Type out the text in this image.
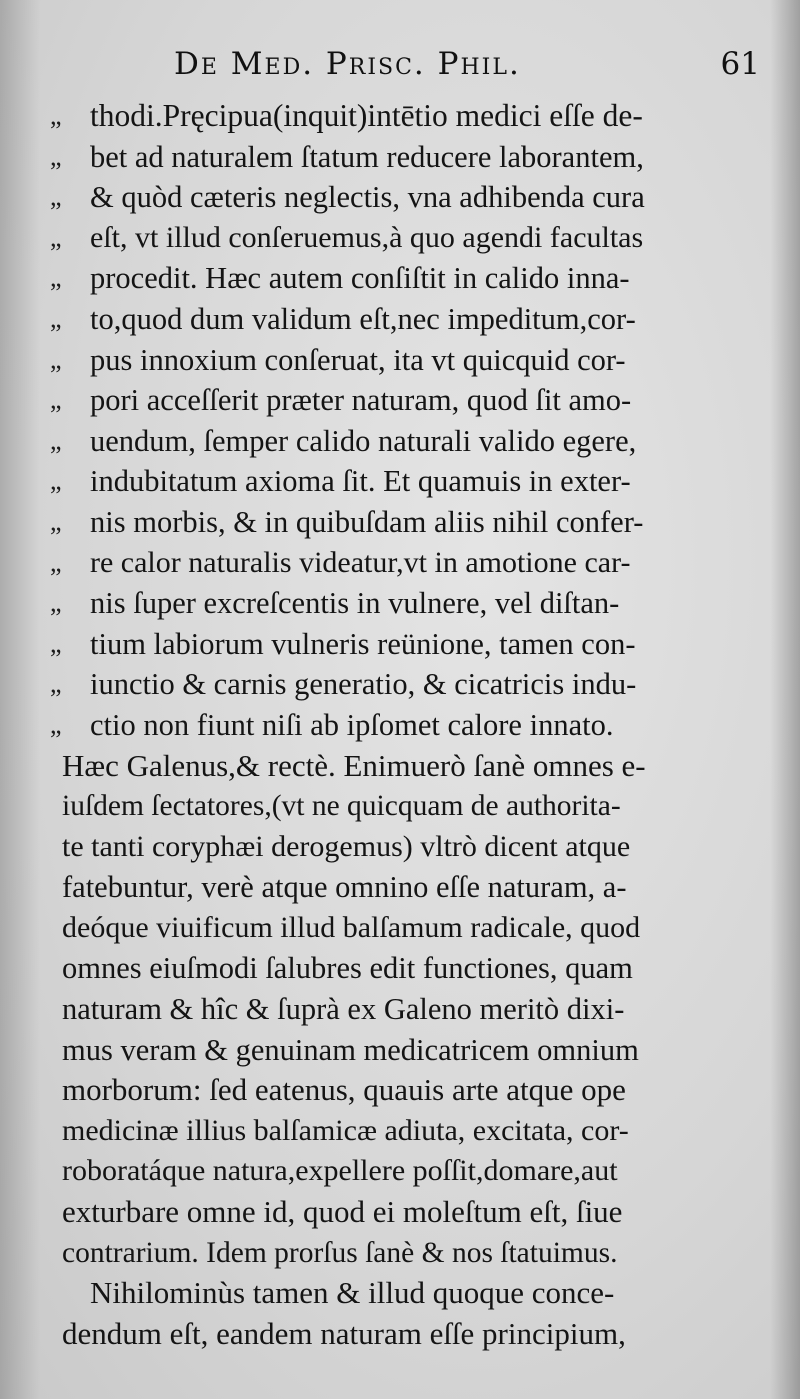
De Med. Prisc. Phil.	61
„ thodi.Pręcipua(inquit)intētio medici eſſe de-
„ bet ad naturalem ſtatum reducere laborantem,
„ & quòd cæteris neglectis, vna adhibenda cura
„ eſt, vt illud conſeruemus,à quo agendi facultas
„ procedit. Hæc autem conſiſtit in calido inna-
„ to,quod dum validum eſt,nec impeditum,cor-
„ pus innoxium conſeruat, ita vt quicquid cor-
„ pori acceſſerit præter naturam, quod ſit amo-
„ uendum, ſemper calido naturali valido egere,
„ indubitatum axioma ſit. Et quamuis in exter-
„ nis morbis, & in quibuſdam aliis nihil confer-
„ re calor naturalis videatur,vt in amotione car-
„ nis ſuper excreſcentis in vulnere, vel diſtan-
„ tium labiorum vulneris reünione, tamen con-
„ iunctio & carnis generatio, & cicatricis indu-
„ ctio non fiunt niſi ab ipſomet calore innato.
Hæc Galenus,& rectè. Enimuerò ſanè omnes e-
iuſdem ſectatores,(vt ne quicquam de authorita-
te tanti coryphæi derogemus) vltrò dicent atque
fatebuntur, verè atque omnino eſſe naturam, a-
deóque viuificum illud balſamum radicale, quod
omnes eiuſmodi ſalubres edit functiones, quam
naturam & hîc & ſuprà ex Galeno meritò dixi-
mus veram & genuinam medicatricem omnium
morborum: ſed eatenus, quauis arte atque ope
medicinæ illius balſamicæ adiuta, excitata, cor-
roboratáque natura,expellere poſſit,domare,aut
exturbare omne id, quod ei moleſtum eſt, ſiue
contrarium. Idem prorſus ſanè & nos ſtatuimus.
Nihilominùs tamen & illud quoque conce-
dendum eſt, eandem naturam eſſe principium,
